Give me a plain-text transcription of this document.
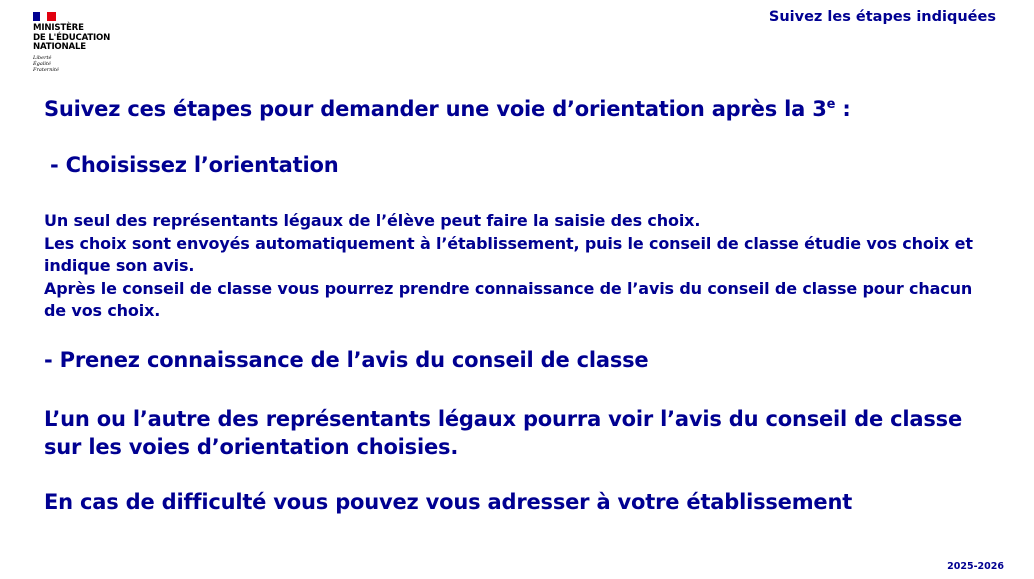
MINISTÈRE
DE L'ÉDUCATION
NATIONALE
Liberté
Égalité
Fraternité
Suivez les étapes indiquées
Suivez ces étapes pour demander une voie d’orientation après la 3e :
- Choisissez l’orientation

Un seul des représentants légaux de l’élève peut faire la saisie des choix.

Les choix sont envoyés automatiquement à l’établissement, puis le conseil de classe étudie vos choix et indique son avis.

Après le conseil de classe vous pourrez prendre connaissance de l’avis du conseil de classe pour chacun de vos choix.

- Prenez connaissance de l’avis du conseil de classe
L’un ou l’autre des représentants légaux pourra voir l’avis du conseil de classe sur les voies d’orientation choisies.
En cas de difficulté vous pouvez vous adresser à votre établissement
2025-2026
